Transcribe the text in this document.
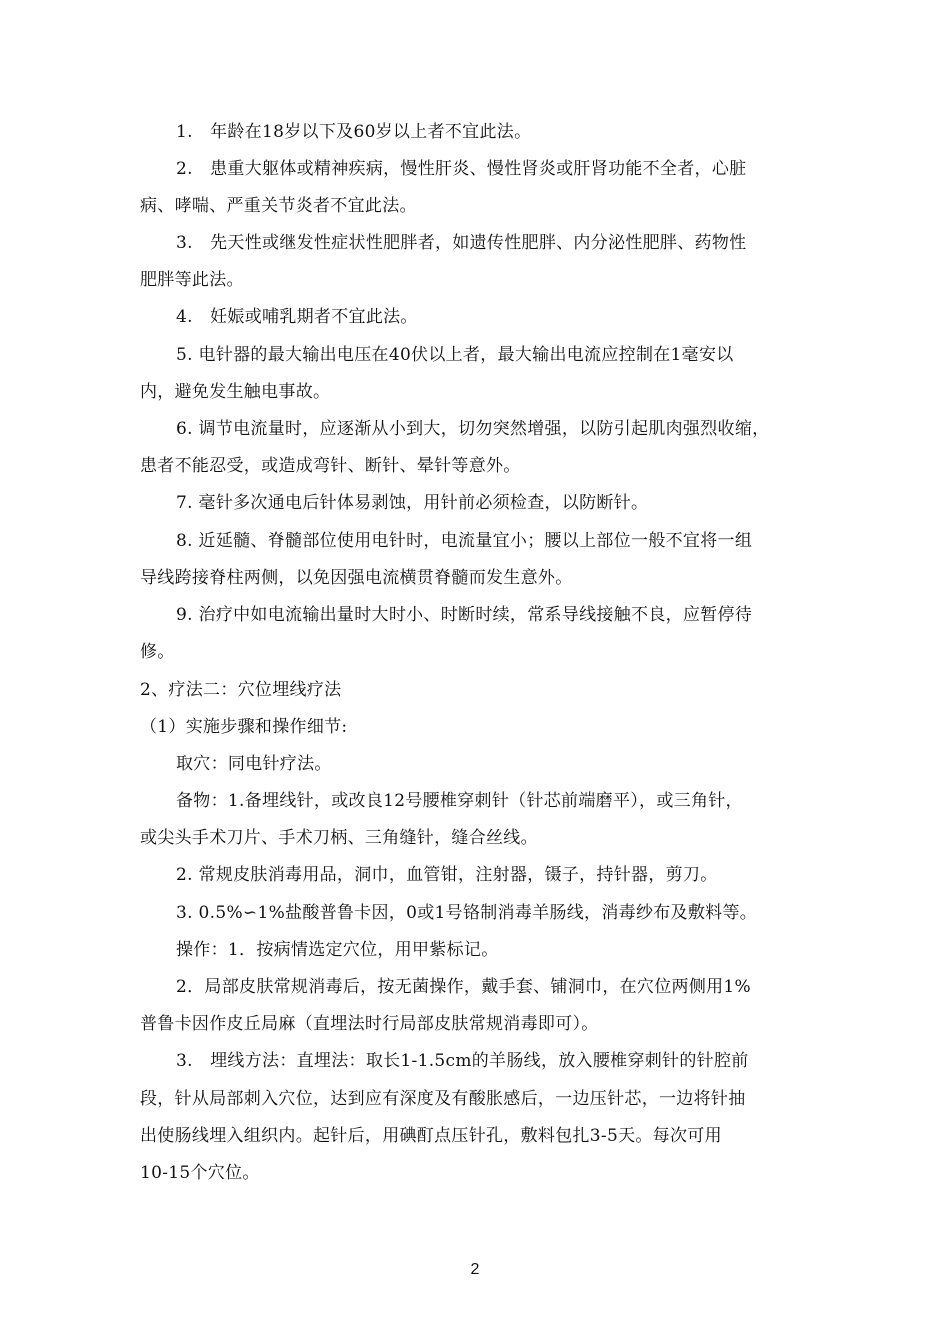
1.　年龄在18岁以下及60岁以上者不宜此法。
2.　患重大躯体或精神疾病，慢性肝炎、慢性肾炎或肝肾功能不全者，心脏
病、哮喘、严重关节炎者不宜此法。
3.　先天性或继发性症状性肥胖者，如遗传性肥胖、内分泌性肥胖、药物性
肥胖等此法。
4.　妊娠或哺乳期者不宜此法。
5. 电针器的最大输出电压在40伏以上者，最大输出电流应控制在1毫安以
内，避免发生触电事故。
6. 调节电流量时，应逐渐从小到大，切勿突然增强，以防引起肌肉强烈收缩，
患者不能忍受，或造成弯针、断针、晕针等意外。
7. 毫针多次通电后针体易剥蚀，用针前必须检查，以防断针。
8. 近延髓、脊髓部位使用电针时，电流量宜小；腰以上部位一般不宜将一组
导线跨接脊柱两侧，以免因强电流横贯脊髓而发生意外。
9. 治疗中如电流输出量时大时小、时断时续，常系导线接触不良，应暂停待
修。
2、疗法二：穴位埋线疗法
（1）实施步骤和操作细节:
取穴：同电针疗法。
备物：1.备埋线针，或改良12号腰椎穿刺针（针芯前端磨平），或三角针，
或尖头手术刀片、手术刀柄、三角缝针，缝合丝线。
2. 常规皮肤消毒用品，洞巾，血管钳，注射器，镊子，持针器，剪刀。
3. 0.5%∽1%盐酸普鲁卡因，0或1号铬制消毒羊肠线，消毒纱布及敷料等。
操作：1．按病情选定穴位，用甲紫标记。
2．局部皮肤常规消毒后，按无菌操作，戴手套、铺洞巾，在穴位两侧用1%
普鲁卡因作皮丘局麻（直埋法时行局部皮肤常规消毒即可）。
3.　埋线方法：直埋法：取长1-1.5cm的羊肠线，放入腰椎穿刺针的针腔前
段，针从局部刺入穴位，达到应有深度及有酸胀感后，一边压针芯，一边将针抽
出使肠线埋入组织内。起针后，用碘酊点压针孔，敷料包扎3-5天。每次可用
10-15个穴位。
2
